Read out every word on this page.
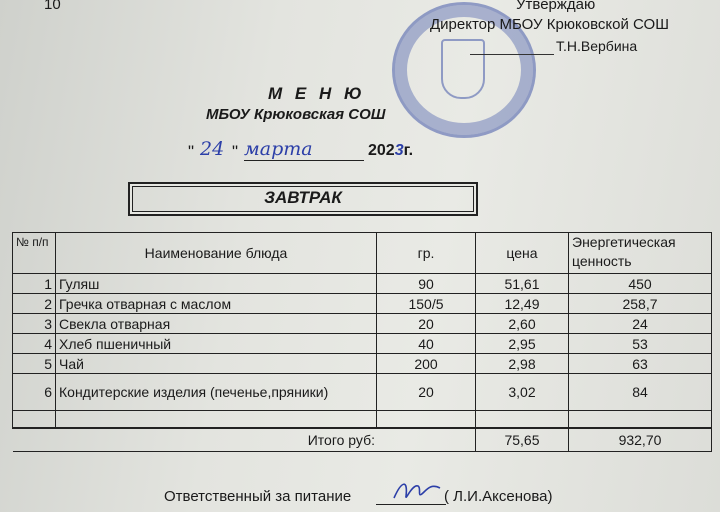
10	Утверждаю
Директор МБОУ Крюковской СОШ
Т.Н.Вербина
М Е Н Ю
МБОУ Крюковская СОШ
" 24 " марта	2023г.
ЗАВТРАК
№ п/п	Наименование блюда	гр.	цена	Энергетическая ценность
1	Гуляш	90	51,61	450
2	Гречка отварная с маслом	150/5	12,49	258,7
3	Свекла отварная	20	2,60	24
4	Хлеб пшеничный	40	2,95	53
5	Чай	200	2,98	63
6	Кондитерские изделия (печенье,пряники)	20	3,02	84

Итого руб:			75,65	932,70
Ответственный за питание	( Л.И.Аксенова)
